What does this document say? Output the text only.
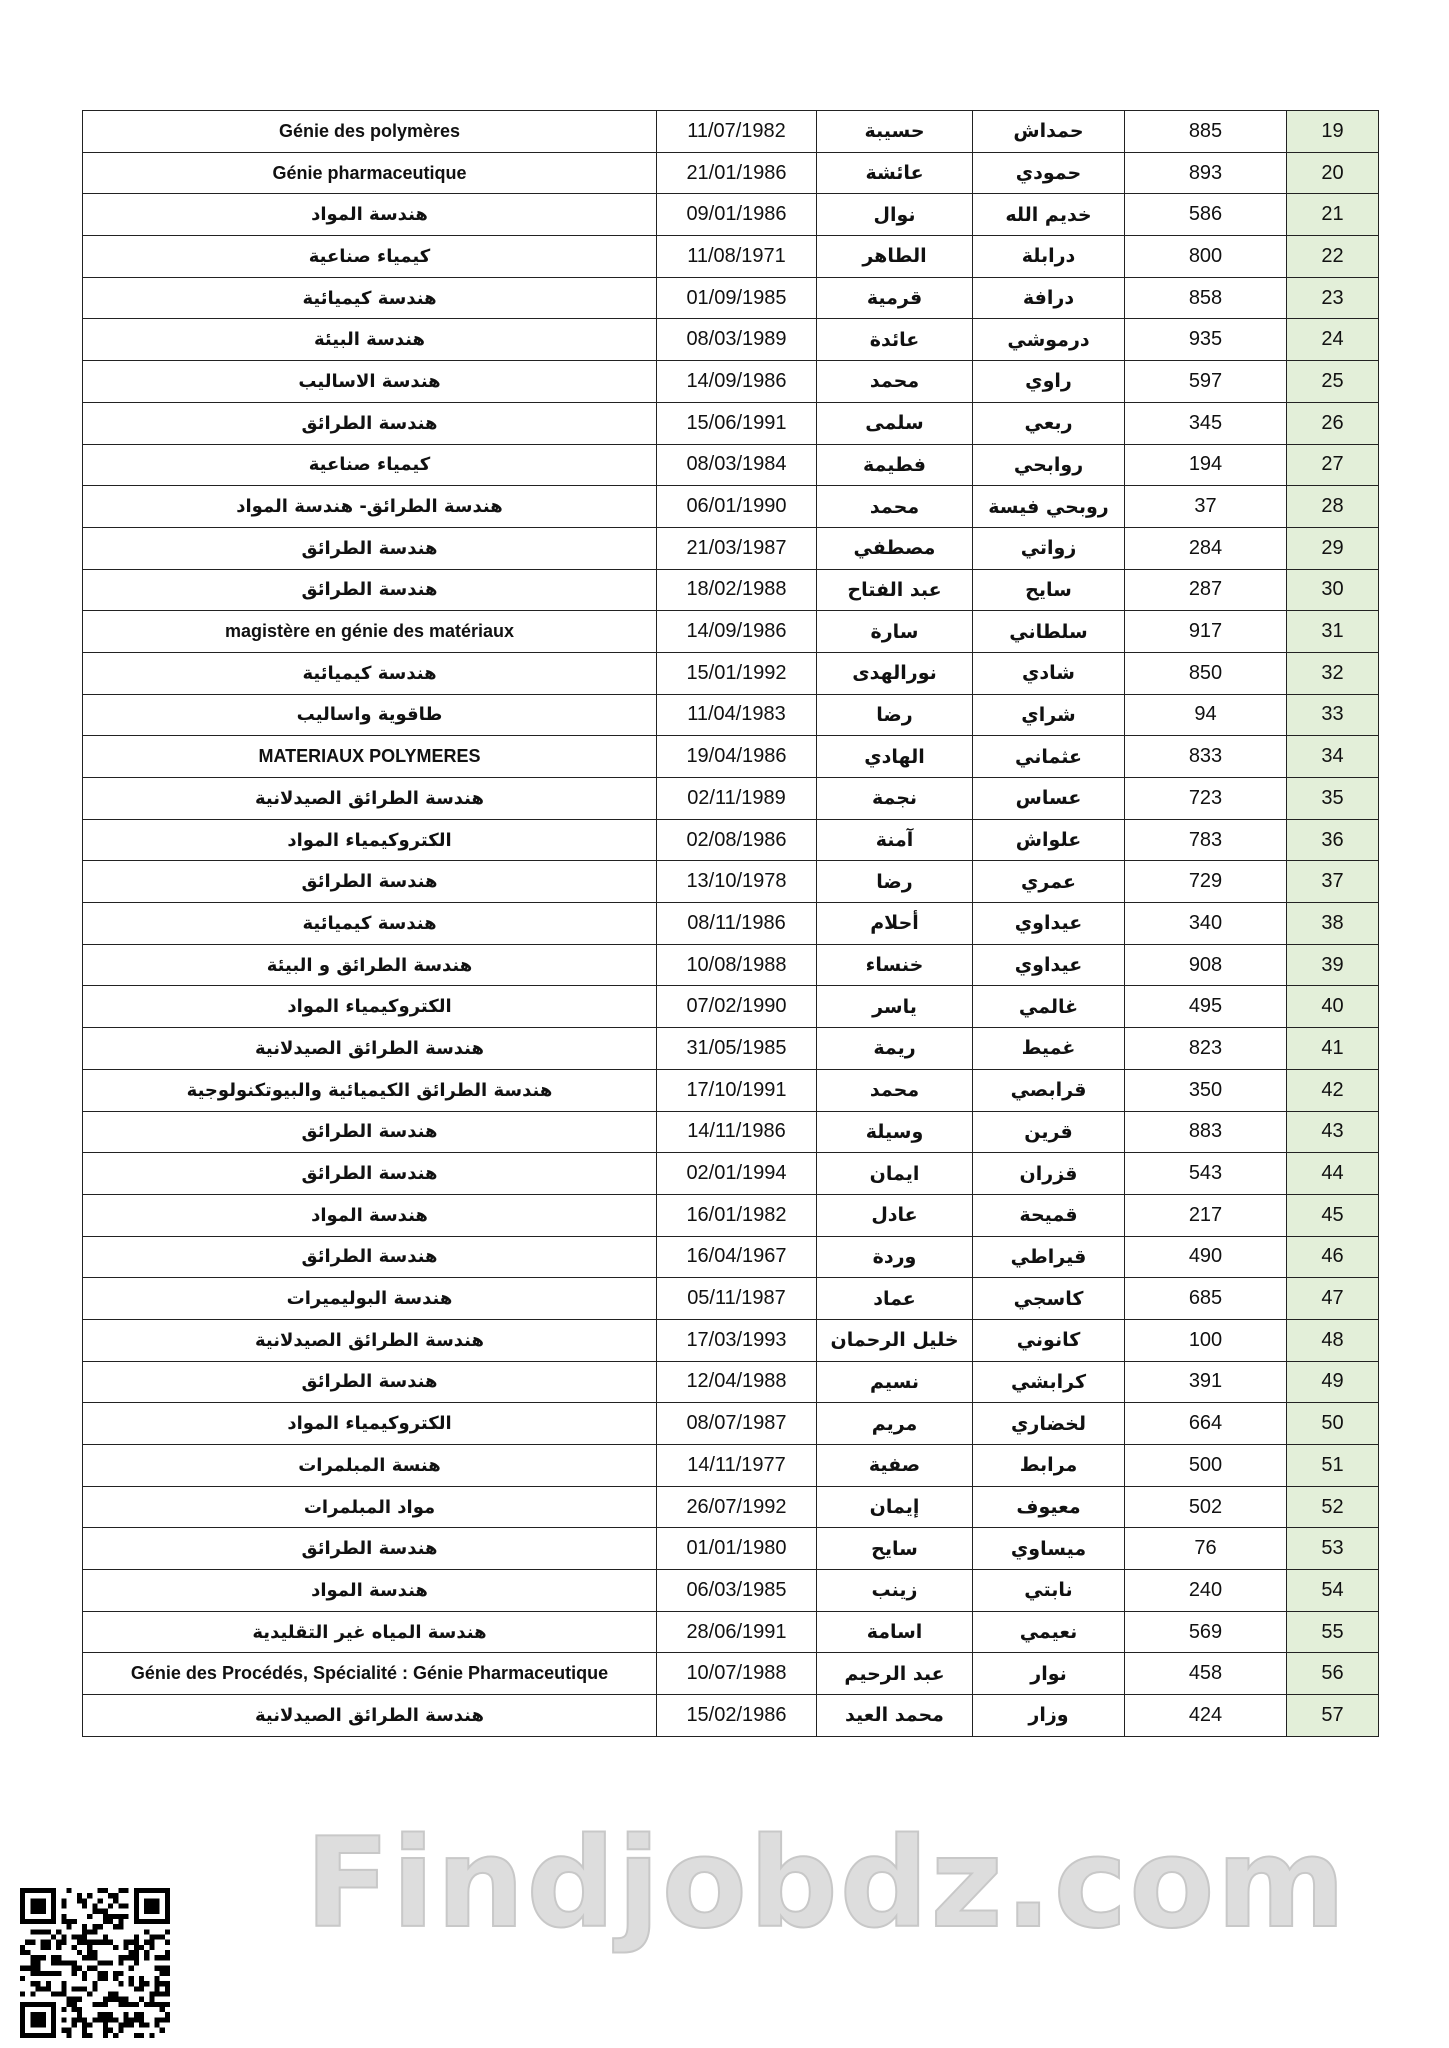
19	885	حمداش	حسيبة	11/07/1982	Génie des polymères
20	893	حمودي	عائشة	21/01/1986	Génie pharmaceutique
21	586	خديم الله	نوال	09/01/1986	هندسة المواد
22	800	درابلة	الطاهر	11/08/1971	كيمياء صناعية
23	858	درافة	قرمية	01/09/1985	هندسة كيميائية
24	935	درموشي	عائدة	08/03/1989	هندسة البيئة
25	597	راوي	محمد	14/09/1986	هندسة الاساليب
26	345	ربعي	سلمى	15/06/1991	هندسة الطرائق
27	194	روابحي	فطيمة	08/03/1984	كيمياء صناعية
28	37	روبحي فيسة	محمد	06/01/1990	هندسة الطرائق- هندسة المواد
29	284	زواتي	مصطفي	21/03/1987	هندسة الطرائق
30	287	سايح	عبد الفتاح	18/02/1988	هندسة الطرائق
31	917	سلطاني	سارة	14/09/1986	magistère en génie des matériaux
32	850	شادي	نورالهدى	15/01/1992	هندسة كيميائية
33	94	شراي	رضا	11/04/1983	طاقوية واساليب
34	833	عثماني	الهادي	19/04/1986	MATERIAUX POLYMERES
35	723	عساس	نجمة	02/11/1989	هندسة الطرائق الصيدلانية
36	783	علواش	آمنة	02/08/1986	الكتروكيمياء المواد
37	729	عمري	رضا	13/10/1978	هندسة الطرائق
38	340	عيداوي	أحلام	08/11/1986	هندسة كيميائية
39	908	عيداوي	خنساء	10/08/1988	هندسة الطرائق و البيئة
40	495	غالمي	ياسر	07/02/1990	الكتروكيمياء المواد
41	823	غميط	ريمة	31/05/1985	هندسة الطرائق الصيدلانية
42	350	قرابصي	محمد	17/10/1991	هندسة الطرائق الكيميائية والبيوتكنولوجية
43	883	قرين	وسيلة	14/11/1986	هندسة الطرائق
44	543	قزران	ايمان	02/01/1994	هندسة الطرائق
45	217	قميحة	عادل	16/01/1982	هندسة المواد
46	490	قيراطي	وردة	16/04/1967	هندسة الطرائق
47	685	كاسجي	عماد	05/11/1987	هندسة البوليميرات
48	100	كانوني	خليل الرحمان	17/03/1993	هندسة الطرائق الصيدلانية
49	391	كرابشي	نسيم	12/04/1988	هندسة الطرائق
50	664	لخضاري	مريم	08/07/1987	الكتروكيمياء المواد
51	500	مرابط	صفية	14/11/1977	هنسة المبلمرات
52	502	معيوف	إيمان	26/07/1992	مواد المبلمرات
53	76	ميساوي	سايح	01/01/1980	هندسة الطرائق
54	240	نابتي	زينب	06/03/1985	هندسة المواد
55	569	نعيمي	اسامة	28/06/1991	هندسة المياه غير التقليدية
56	458	نوار	عبد الرحيم	10/07/1988	Génie des Procédés, Spécialité : Génie Pharmaceutique
57	424	وزار	محمد العيد	15/02/1986	هندسة الطرائق الصيدلانية
Findjobdz.com
